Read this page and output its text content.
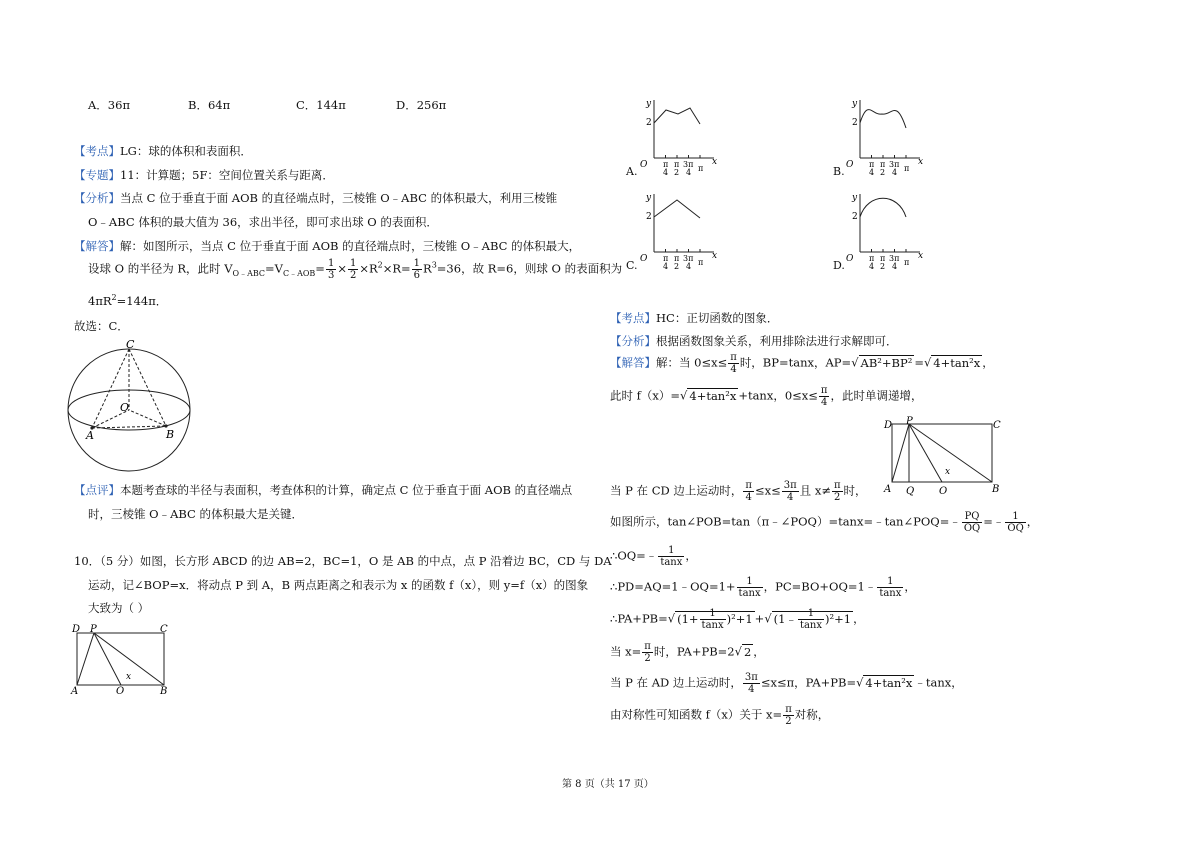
A．36π	B．64π	C．144π	D．256π
【考点】LG：球的体积和表面积．
【专题】11：计算题；5F：空间位置关系与距离．
【分析】当点 C 位于垂直于面 AOB 的直径端点时，三棱锥 O﹣ABC 的体积最大，利用三棱锥
O﹣ABC 体积的最大值为 36，求出半径，即可求出球 O 的表面积．
【解答】解：如图所示，当点 C 位于垂直于面 AOB 的直径端点时，三棱锥 O﹣ABC 的体积最大，
设球 O 的半径为 R，此时 $V_{O﹣ABC}=V_{C﹣AOB}= \frac{1}{3} \times \frac{1}{2} \times R^2\times R= \frac{1}{6} R^3=36$，故 R=6，则球 O 的表面积为
$4\pi R^2=144\pi$．
故选：C．
C
O
A	B
【点评】本题考查球的半径与表面积，考查体积的计算，确定点 C 位于垂直于面 AOB 的直径端点
时，三棱锥 O﹣ABC 的体积最大是关键．
10．（5 分）如图，长方形 ABCD 的边 AB=2，BC=1，O 是 AB 的中点，点 P 沿着边 BC，CD 与 DA
运动，记∠BOP=x．将动点 P 到 A，B 两点距离之和表示为 x 的函数 f（x），则 y=f（x）的图象
大致为（ ）
D P	C
A	O
x
B
y
2
O	x
π
4
π
2
3π
4 π
y
2
O	x
π
4
π
2
3π
4 π
y
2
O	x
π
4
π
2
3π
4 π
y
2
O	x
π
4
π
2
3π
4 π
A.	B.
C.	D.
【考点】HC：正切函数的图象．
【分析】根据函数图象关系，利用排除法进行求解即可．
【解答】解：当 $0\le x\le \frac{\pi}{4}$ 时，BP=tanx，AP=√ AB²+BP² =√ 4+tan²x ，
此时 f（x）=√ 4+tan²x +tanx，$0\le x\le \frac{\pi}{4}$ ，此时单调递增，
D P	C
x
A Q O	B
当 P 在 CD 边上运动时， $\frac{\pi}{4} \le x\le \frac{3\pi}{4}$ 且 $x\ne \frac{\pi}{2}$ 时，
如图所示，tan∠POB=tan（π﹣∠POQ）=tanx=﹣tan∠POQ=﹣ $\frac{PQ}{OQ}$ =﹣ $\frac{1}{OQ}$ ，
∴OQ=﹣ $\frac{1}{\tan x}$ ，
∴PD=AQ=1﹣OQ=1+ $\frac{1}{\tan x}$ ，PC=BO+OQ=1﹣ $\frac{1}{\tan x}$ ，
∴PA+PB=√ $(1+ \frac{1}{\tan x} )^2+1$ +√ (1﹣ $\frac{1}{\tan x} )^2+1$ ，
当 $x= \frac{\pi}{2}$ 时，PA+PB=2√ 2 ，
当 P 在 AD 边上运动时， $\frac{3\pi}{4} \le x\le\pi$，PA+PB=√ 4+tan²x ﹣tanx，
由对称性可知函数 f（x）关于 $x= \frac{\pi}{2}$ 对称，
第 8 页（共 17 页）
